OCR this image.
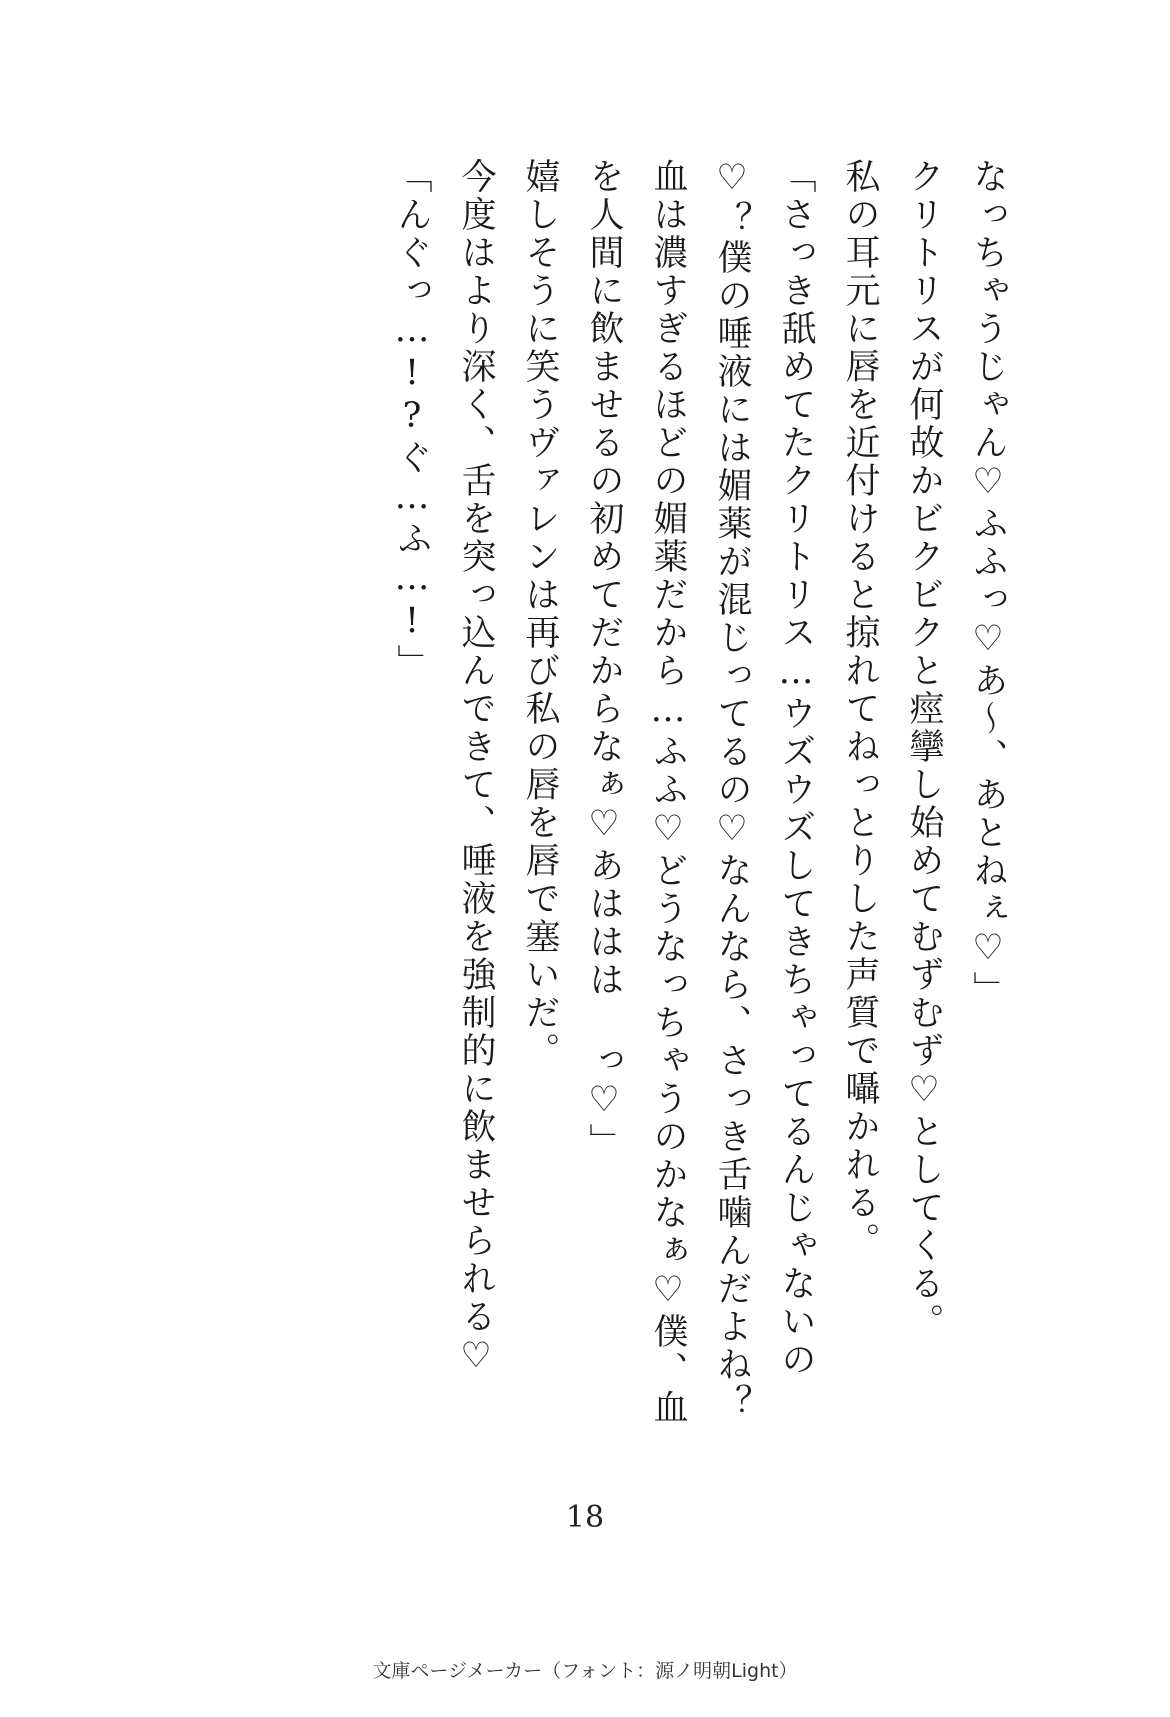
なっちゃうじゃん♡ふふっ♡あ〜、あとねぇ♡」

クリトリスが何故かビクビクと痙攣し始めてむずむず♡としてくる。

私の耳元に唇を近付けると掠れてねっとりした声質で囁かれる。

「さっき舐めてたクリトリス…ウズウズしてきちゃってるんじゃないの♡？僕の唾液には媚薬が混じってるの♡なんなら、さっき舌噛んだよね？血は濃すぎるほどの媚薬だから…ふふ♡どうなっちゃうのかなぁ♡僕、血を人間に飲ませるの初めてだからなぁ♡あははは っ♡」

嬉しそうに笑うヴァレンは再び私の唇を唇で塞いだ。

今度はより深く、舌を突っ込んできて、唾液を強制的に飲ませられる♡

「んぐっ…!?ぐ…ふ…!」

18
文庫ページメーカー（フォント：源ノ明朝Light）
